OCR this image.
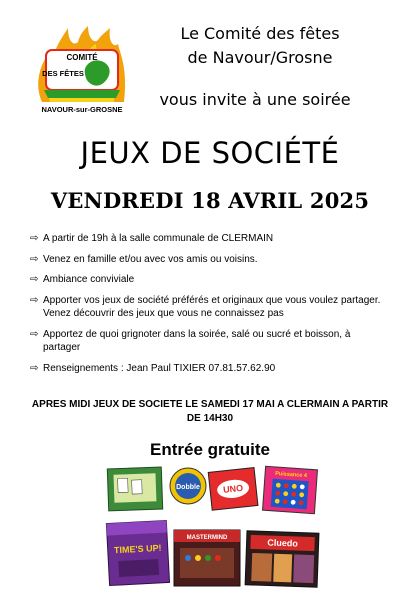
COMITÉ
DES FÊTES
NAVOUR-sur-GROSNE
Le Comité des fêtes
de Navour/Grosne
vous invite à une soirée
JEUX DE SOCIÉTÉ
VENDREDI 18 AVRIL 2025
⇨ A partir de 19h à la salle communale de CLERMAIN
⇨ Venez en famille et/ou avec vos amis ou voisins.
⇨ Ambiance conviviale
⇨ Apporter vos jeux de société préférés et originaux que vous voulez partager. Venez découvrir des jeux que vous ne connaissez pas
⇨ Apportez de quoi grignoter dans la soirée, salé ou sucré et boisson, à partager
⇨ Renseignements : Jean Paul TIXIER 07.81.57.62.90
APRES MIDI JEUX DE SOCIETE LE SAMEDI 17 MAI A CLERMAIN A PARTIR DE 14H30
Entrée gratuite
Dobble	UNO
Puissance 4
TIME'S UP!
MASTERMIND	Cluedo
